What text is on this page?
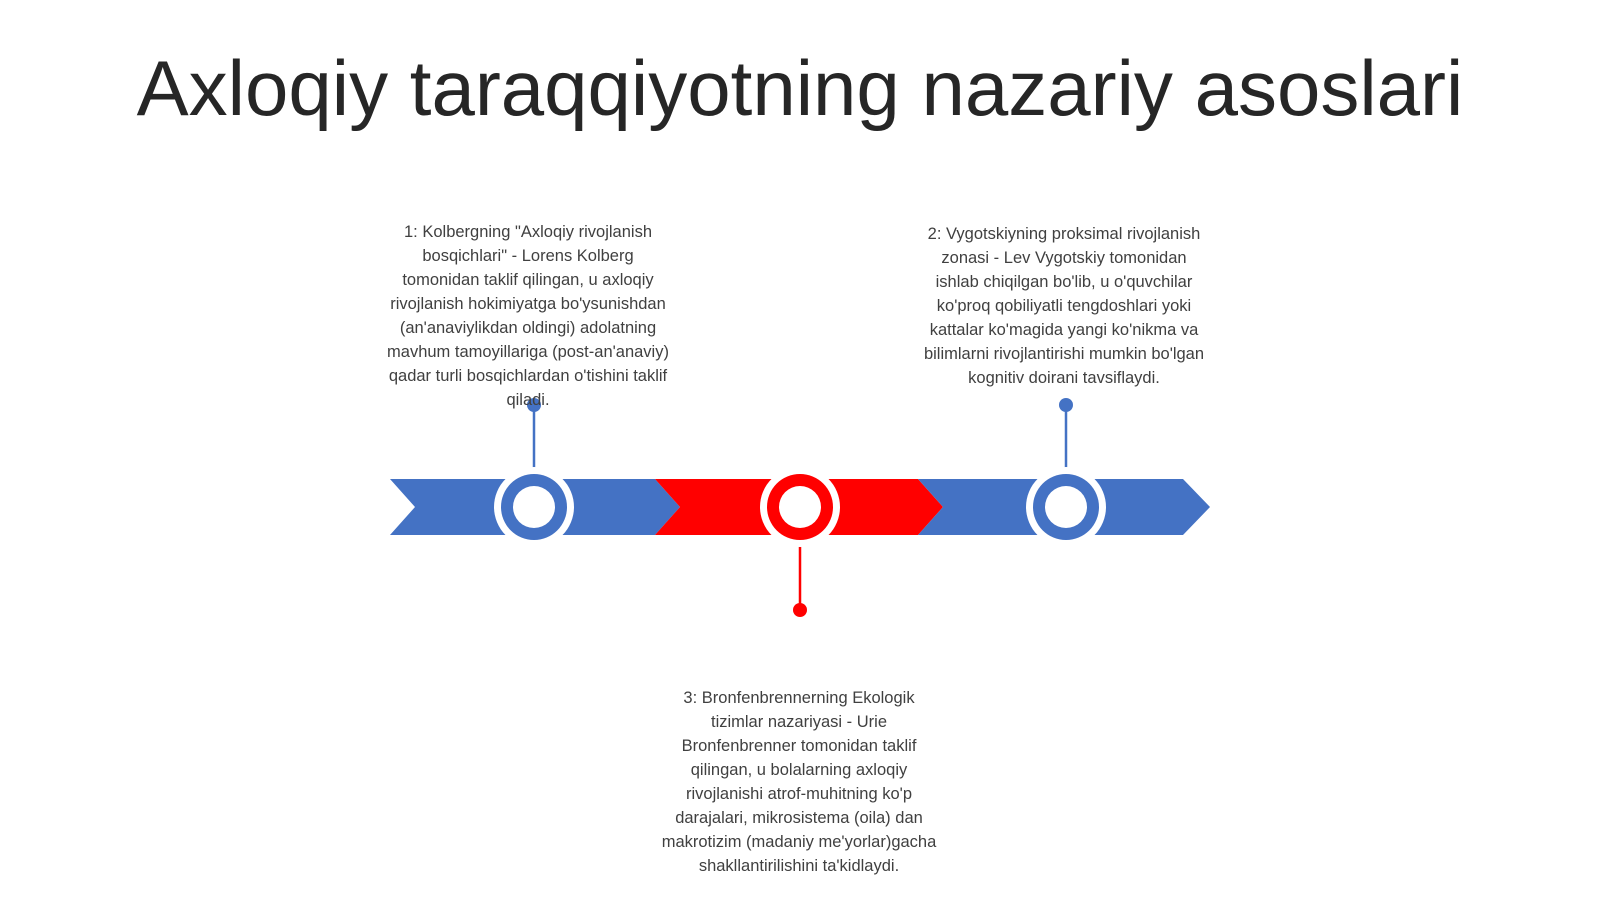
Axloqiy taraqqiyotning nazariy asoslari
1: Kolbergning "Axloqiy rivojlanish bosqichlari" - Lorens Kolberg tomonidan taklif qilingan, u axloqiy rivojlanish hokimiyatga bo'ysunishdan (an'anaviylikdan oldingi) adolatning mavhum tamoyillariga (post-an'anaviy) qadar turli bosqichlardan o'tishini taklif qiladi.
2: Vygotskiyning proksimal rivojlanish zonasi - Lev Vygotskiy tomonidan ishlab chiqilgan bo'lib, u o'quvchilar ko'proq qobiliyatli tengdoshlari yoki kattalar ko'magida yangi ko'nikma va bilimlarni rivojlantirishi mumkin bo'lgan kognitiv doirani tavsiflaydi.
3: Bronfenbrennerning Ekologik tizimlar nazariyasi - Urie Bronfenbrenner tomonidan taklif qilingan, u bolalarning axloqiy rivojlanishi atrof-muhitning ko'p darajalari, mikrosistema (oila) dan makrotizim (madaniy me'yorlar)gacha shakllantirilishini ta'kidlaydi.
